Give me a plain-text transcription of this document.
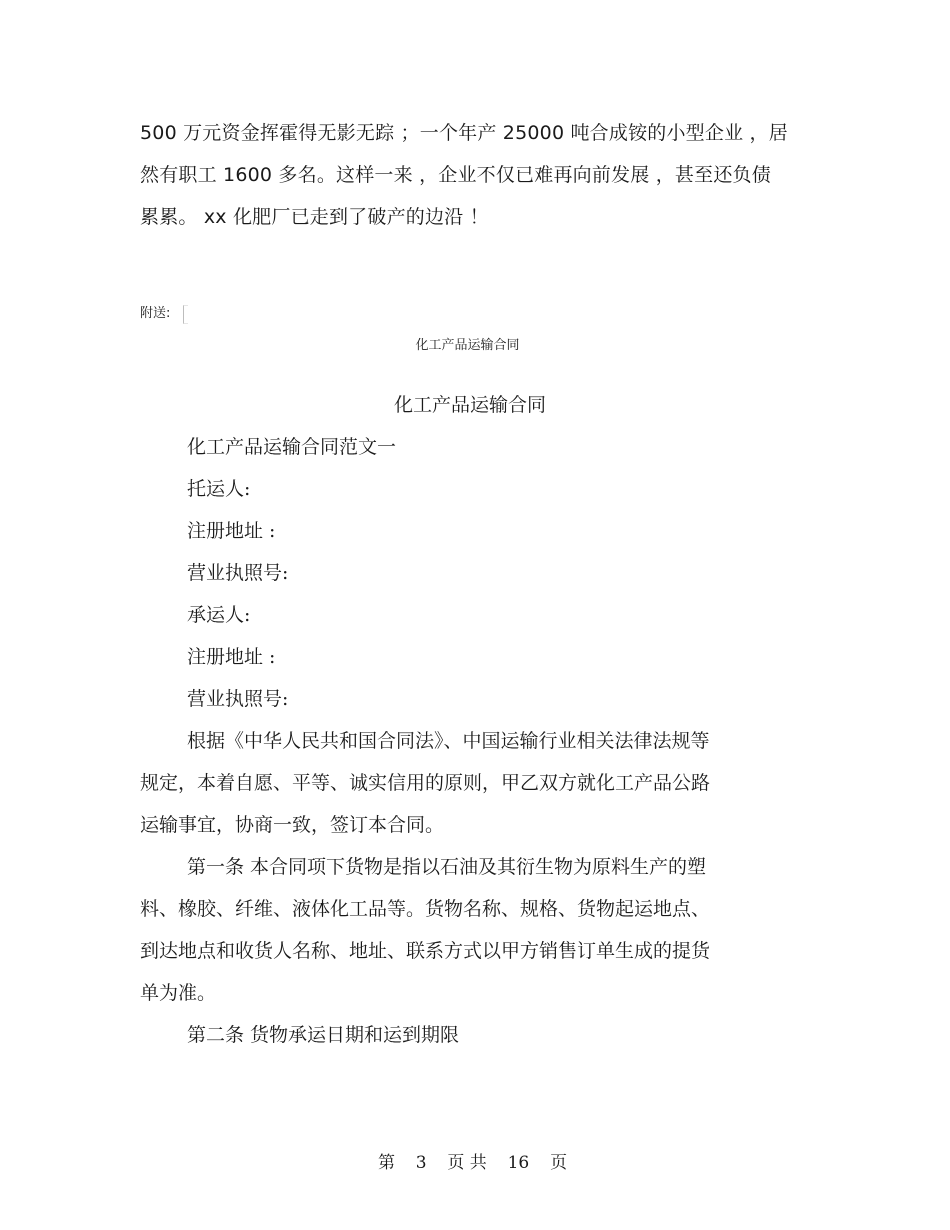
500 万元资金挥霍得无影无踪 ；一个年产 25000 吨合成铵的小型企业 ，居
然有职工 1600 多名。这样一来 ，企业不仅已难再向前发展 ，甚至还负债
累累。 xx 化肥厂已走到了破产的边沿 ！
附送:
化工产品运输合同
化工产品运输合同
化工产品运输合同范文一
托运人:
注册地址 :
营业执照号:
承运人:
注册地址 :
营业执照号:
根据《中华人民共和国合同法》、中国运输行业相关法律法规等
规定，本着自愿、平等、诚实信用的原则，甲乙双方就化工产品公路
运输事宜，协商一致，签订本合同。
第一条 本合同项下货物是指以石油及其衍生物为原料生产的塑
料、橡胶、纤维、液体化工品等。货物名称、规格、货物起运地点、
到达地点和收货人名称、地址、联系方式以甲方销售订单生成的提货
单为准。
第二条 货物承运日期和运到期限
第 3 页 共 16 页
